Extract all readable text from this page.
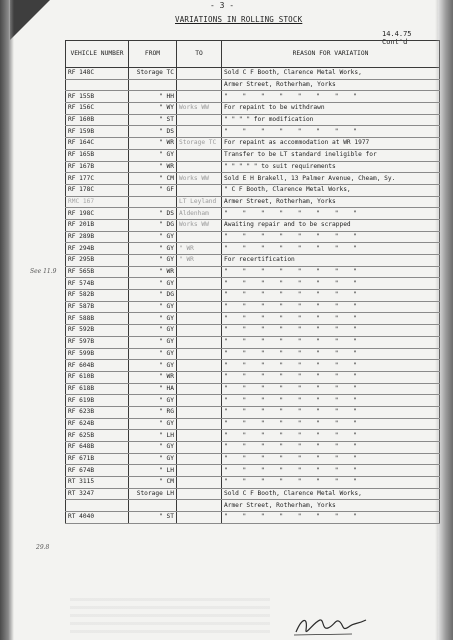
- 3 -
VARIATIONS IN ROLLING STOCK
14.4.75 Cont'd
See 11.9
29.8
VEHICLE NUMBER	FROM	TO	REASON FOR VARIATION
RF 148C	Storage TC		Sold C F Booth, Clarence Metal Works,
			Armer Street, Rotherham, Yorks
RF 155B	" HH		" " " " " " " "
RF 156C	" WY	Works WW	For repaint to be withdrawn
RF 160B	" ST		" " " " for modification
RF 159B	" DS		" " " " " " " "
RF 164C	" WR	Storage TC	For repaint as accommodation at WR 1977
RF 165B	" GY		Transfer to be LT standard ineligible for
RF 167B	" WR		" " " " " to suit requirements
RF 177C	" CM	Works WW	Sold E H Brakell, 13 Palmer Avenue, Cheam, Sy.
RF 178C	" GF		" C F Booth, Clarence Metal Works,
RMC 167		LT Leyland	Armer Street, Rotherham, Yorks
RF 198C	" DS	Aldenham	" " " " " " " "
RF 201B	" DG	Works WW	Awaiting repair and to be scrapped
RF 289B	" GY		" " " " " " " "
RF 294B	" GY	" WR	" " " " " " " "
RF 295B	" GY	" WR	For recertification
RF 565B	" WR		" " " " " " " "
RF 574B	" GY		" " " " " " " "
RF 582B	" DG		" " " " " " " "
RF 587B	" GY		" " " " " " " "
RF 588B	" GY		" " " " " " " "
RF 592B	" GY		" " " " " " " "
RF 597B	" GY		" " " " " " " "
RF 599B	" GY		" " " " " " " "
RF 604B	" GY		" " " " " " " "
RF 610B	" WR		" " " " " " " "
RF 618B	" HA		" " " " " " " "
RF 619B	" GY		" " " " " " " "
RF 623B	" RG		" " " " " " " "
RF 624B	" GY		" " " " " " " "
RF 625B	" LH		" " " " " " " "
RF 648B	" GY		" " " " " " " "
RF 671B	" GY		" " " " " " " "
RF 674B	" LH		" " " " " " " "
RT 3115	" CM		" " " " " " " "
RT 3247	Storage LH		Sold C F Booth, Clarence Metal Works,
			Armer Street, Rotherham, Yorks
RT 4040	" ST		" " " " " " " "
